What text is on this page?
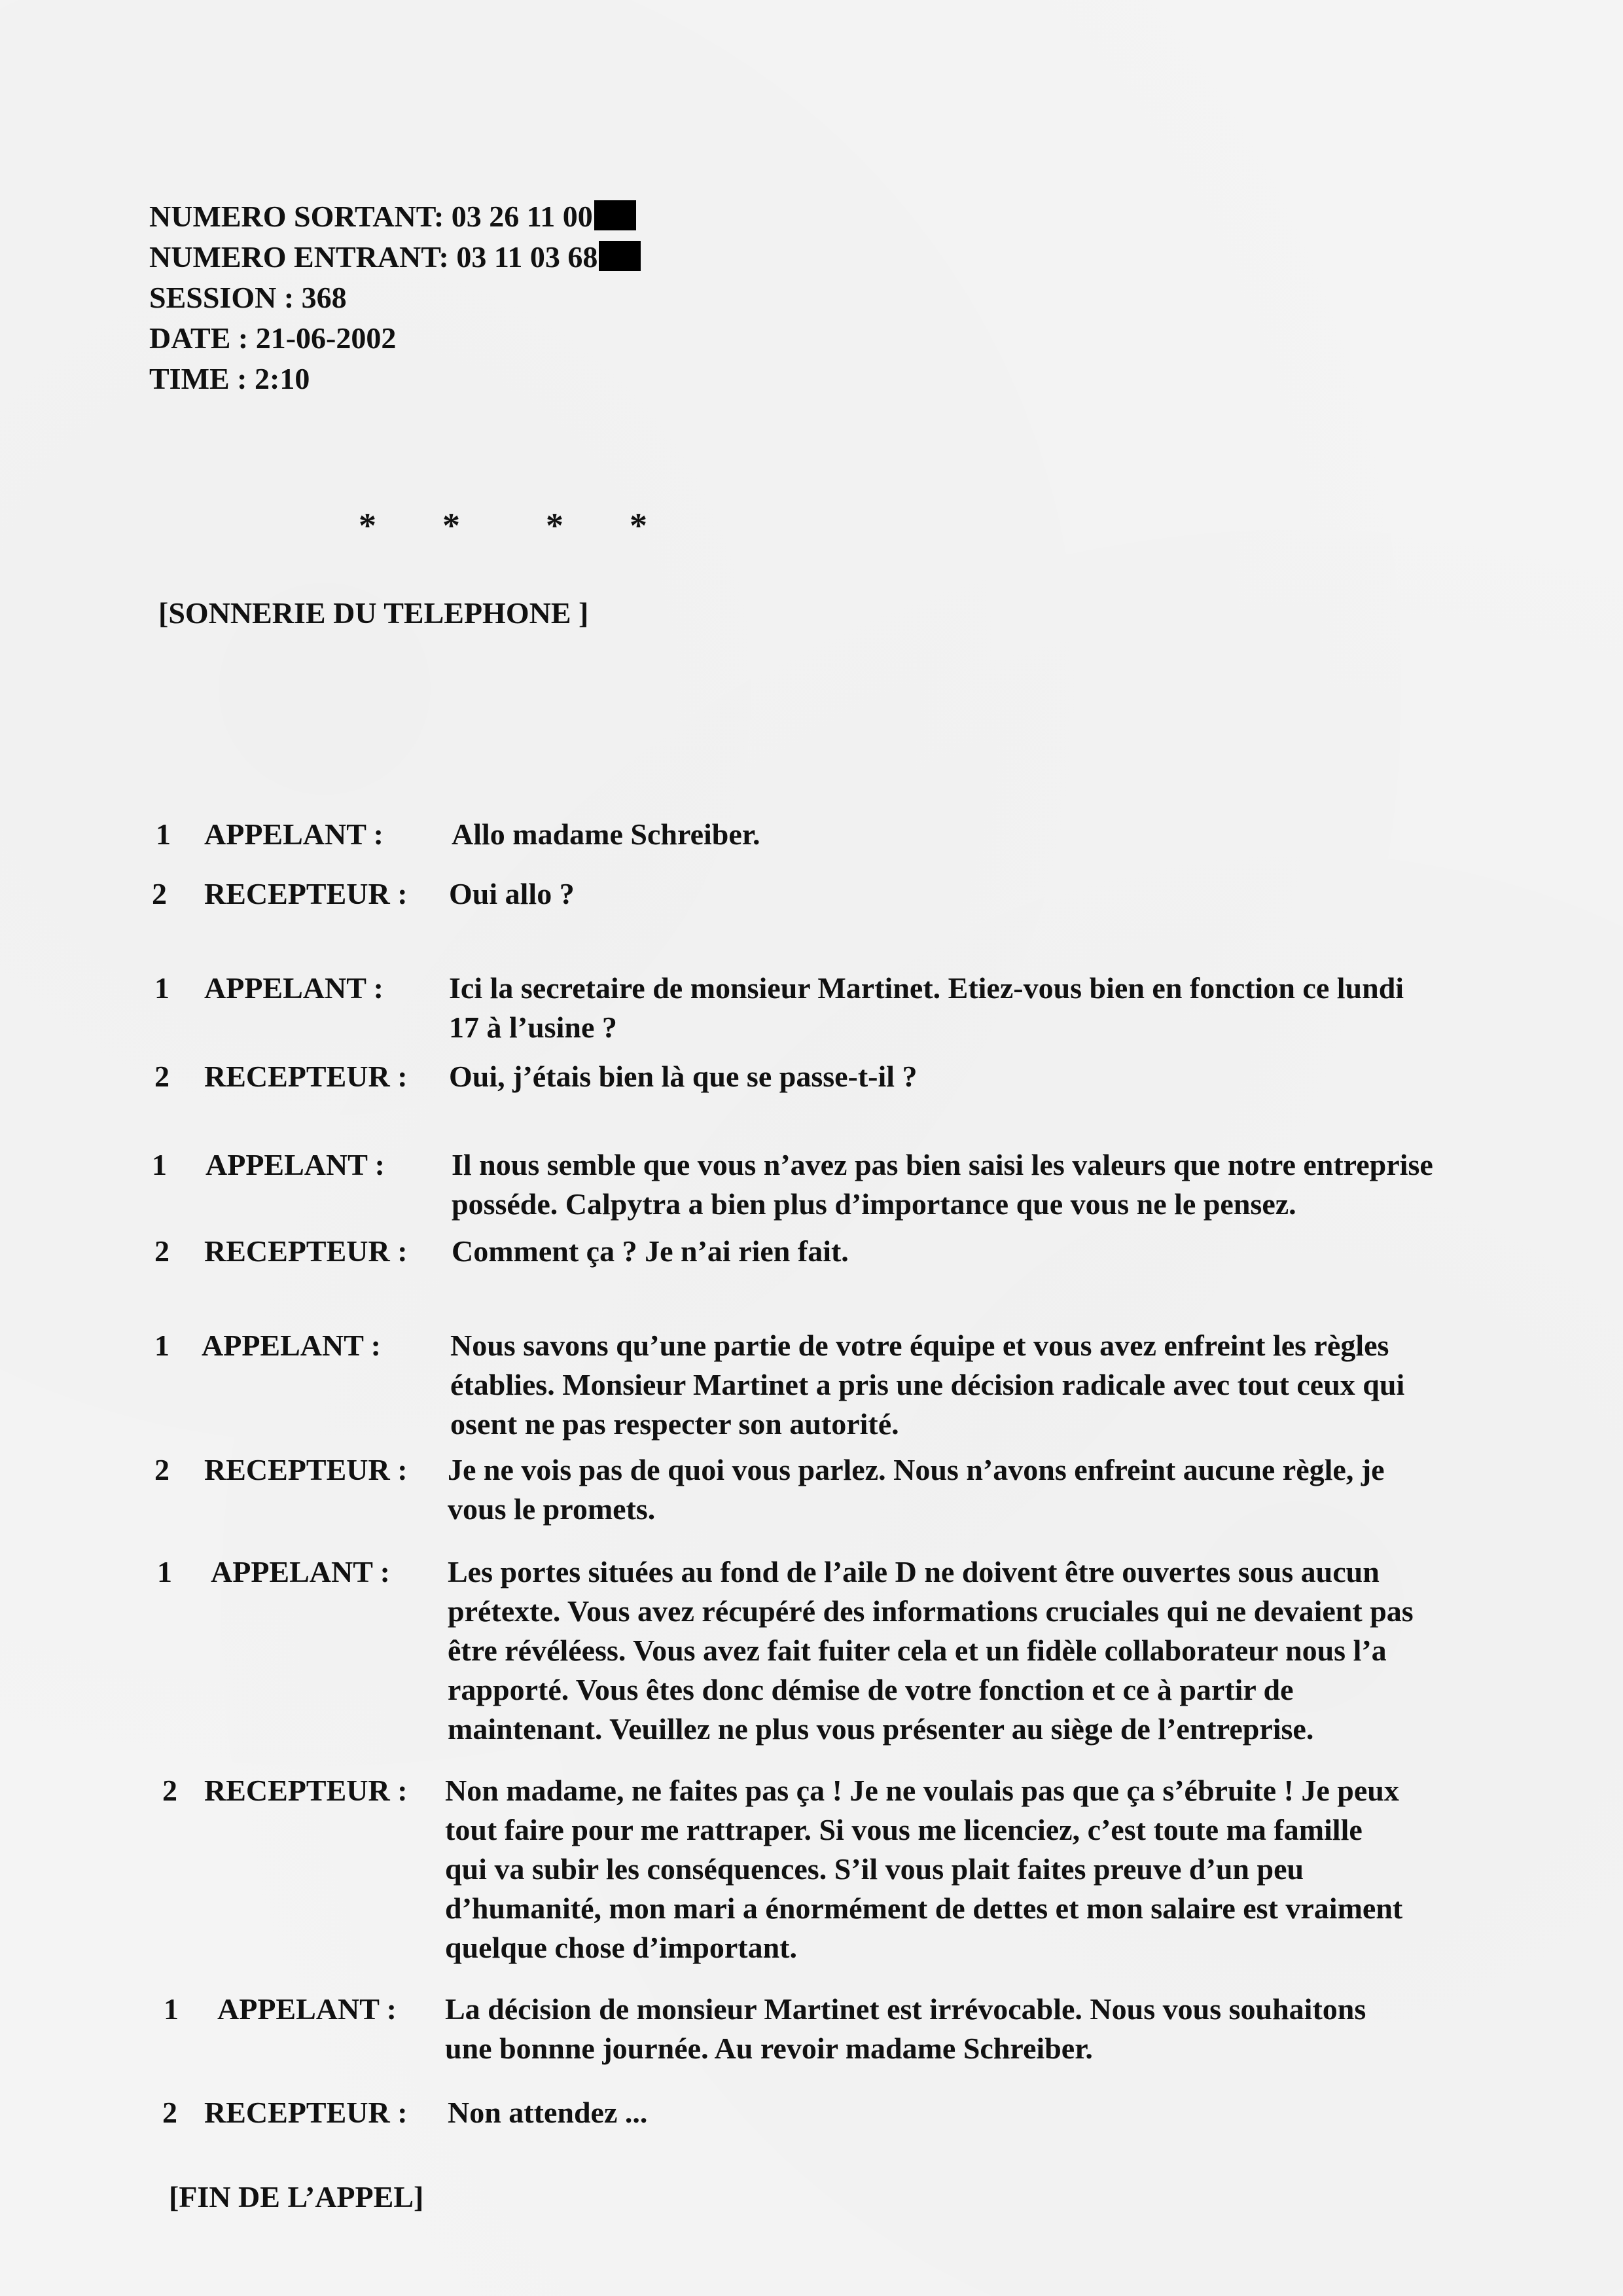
NUMERO SORTANT: 03 26 11 00
NUMERO ENTRANT: 03 11 03 68
SESSION : 368
DATE : 21-06-2002
TIME : 2:10
* * * *
[SONNERIE DU TELEPHONE ]
1 APPELANT : Allo madame Schreiber.
2 RECEPTEUR : Oui allo ?
1 APPELANT : Ici la secretaire de monsieur Martinet. Etiez-vous bien en fonction ce lundi
17 à l’usine ?
2 RECEPTEUR : Oui, j’étais bien là que se passe-t-il ?
1 APPELANT : Il nous semble que vous n’avez pas bien saisi les valeurs que notre entreprise
posséde. Calpytra a bien plus d’importance que vous ne le pensez.
2 RECEPTEUR : Comment ça ? Je n’ai rien fait.
1 APPELANT : Nous savons qu’une partie de votre équipe et vous avez enfreint les règles
établies. Monsieur Martinet a pris une décision radicale avec tout ceux qui
osent ne pas respecter son autorité.
2 RECEPTEUR : Je ne vois pas de quoi vous parlez. Nous n’avons enfreint aucune règle, je
vous le promets.
1 APPELANT : Les portes situées au fond de l’aile D ne doivent être ouvertes sous aucun
prétexte. Vous avez récupéré des informations cruciales qui ne devaient pas
être révéléess. Vous avez fait fuiter cela et un fidèle collaborateur nous l’a
rapporté. Vous êtes donc démise de votre fonction et ce à partir de
maintenant. Veuillez ne plus vous présenter au siège de l’entreprise.
2 RECEPTEUR : Non madame, ne faites pas ça ! Je ne voulais pas que ça s’ébruite ! Je peux
tout faire pour me rattraper. Si vous me licenciez, c’est toute ma famille
qui va subir les conséquences. S’il vous plait faites preuve d’un peu
d’humanité, mon mari a énormément de dettes et mon salaire est vraiment
quelque chose d’important.
1 APPELANT : La décision de monsieur Martinet est irrévocable. Nous vous souhaitons
une bonnne journée. Au revoir madame Schreiber.
2 RECEPTEUR : Non attendez ...
[FIN DE L’APPEL]
